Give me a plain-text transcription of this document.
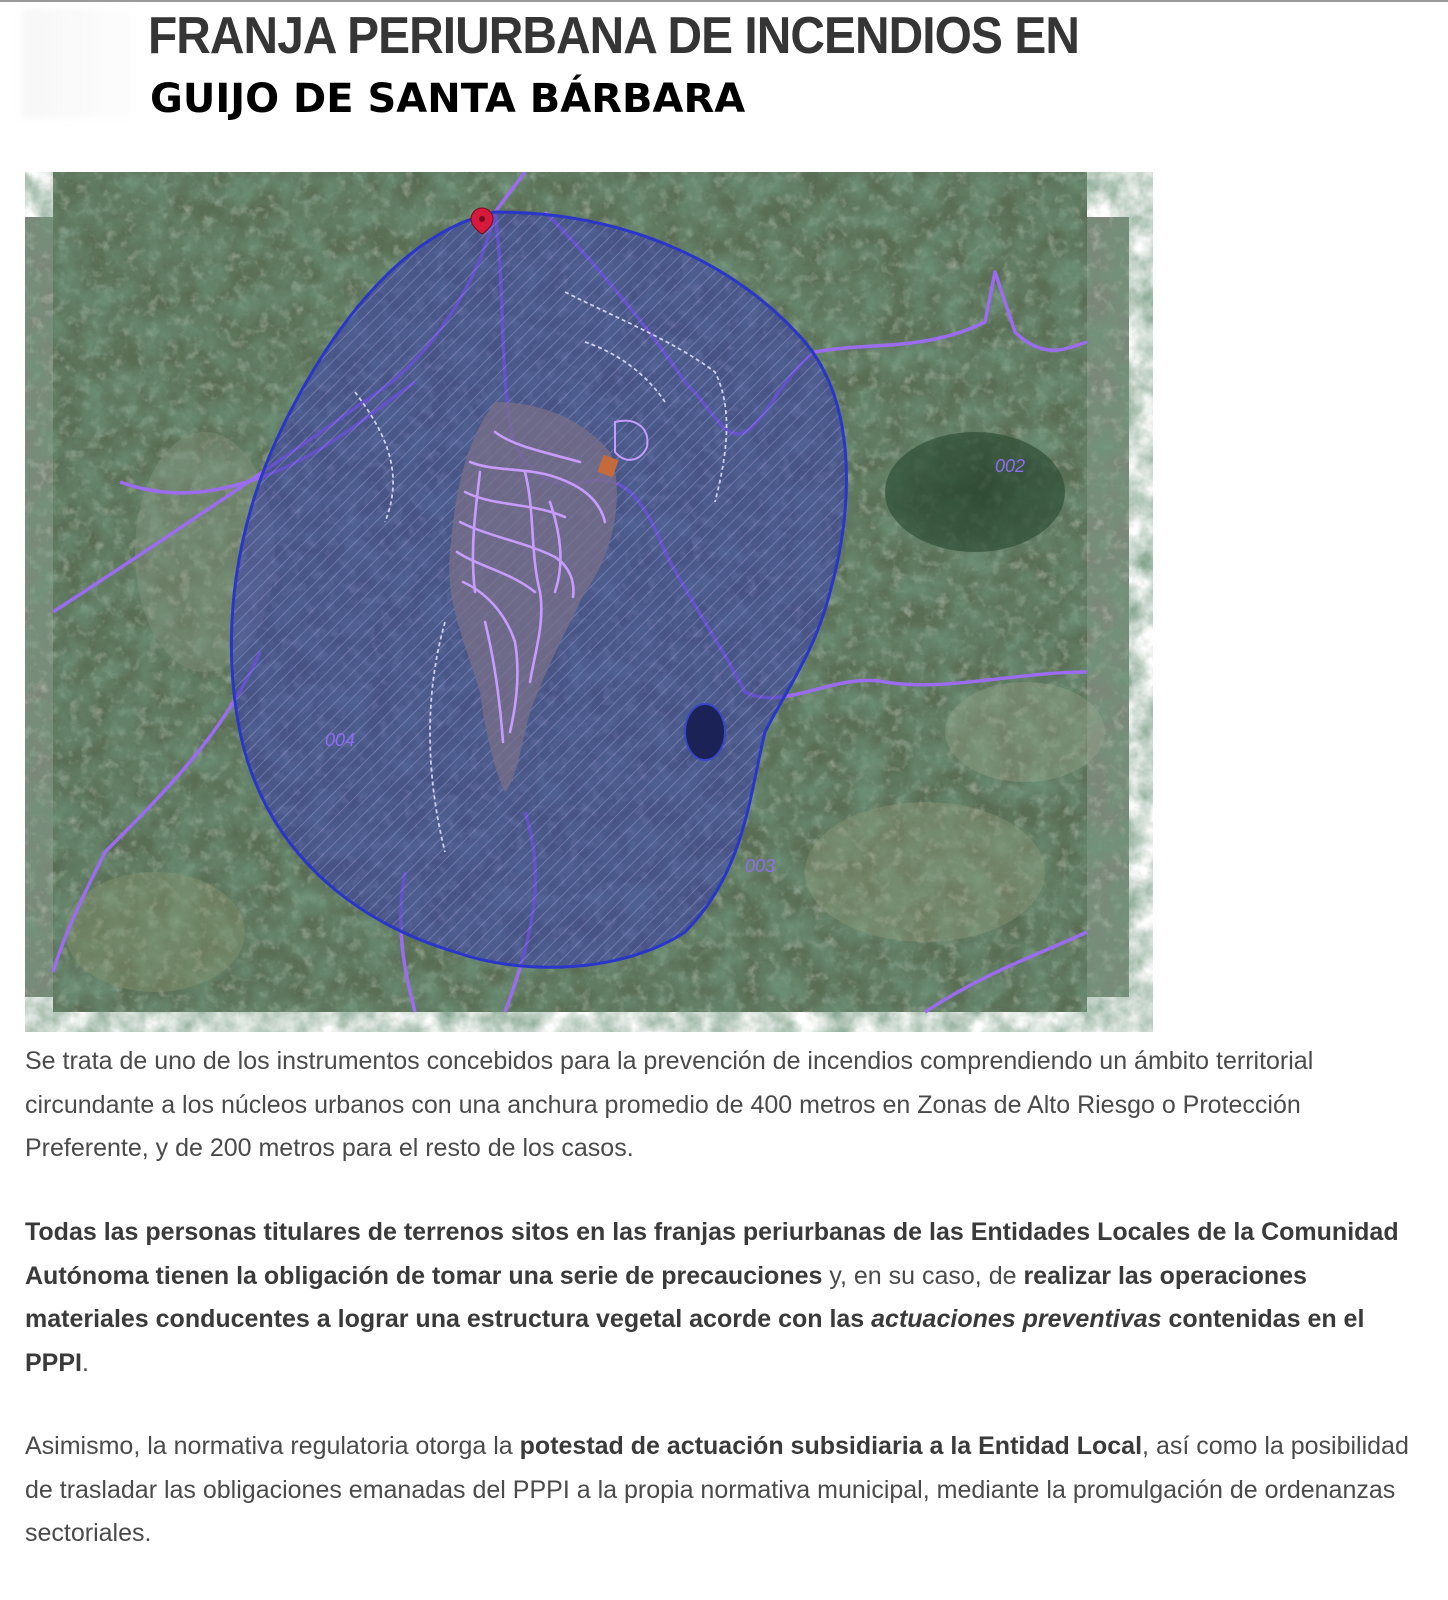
FRANJA PERIURBANA DE INCENDIOS EN
GUIJO DE SANTA BÁRBARA
002
004
003
Se trata de uno de los instrumentos concebidos para la prevención de incendios comprendiendo un ámbito territorial circundante a los núcleos urbanos con una anchura promedio de 400 metros en Zonas de Alto Riesgo o Protección Preferente, y de 200 metros para el resto de los casos.
Todas las personas titulares de terrenos sitos en las franjas periurbanas de las Entidades Locales de la Comunidad Autónoma tienen la obligación de tomar una serie de precauciones y, en su caso, de realizar las operaciones materiales conducentes a lograr una estructura vegetal acorde con las actuaciones preventivas contenidas en el PPPI.
Asimismo, la normativa regulatoria otorga la potestad de actuación subsidiaria a la Entidad Local, así como la posibilidad de trasladar las obligaciones emanadas del PPPI a la propia normativa municipal, mediante la promulgación de ordenanzas sectoriales.
